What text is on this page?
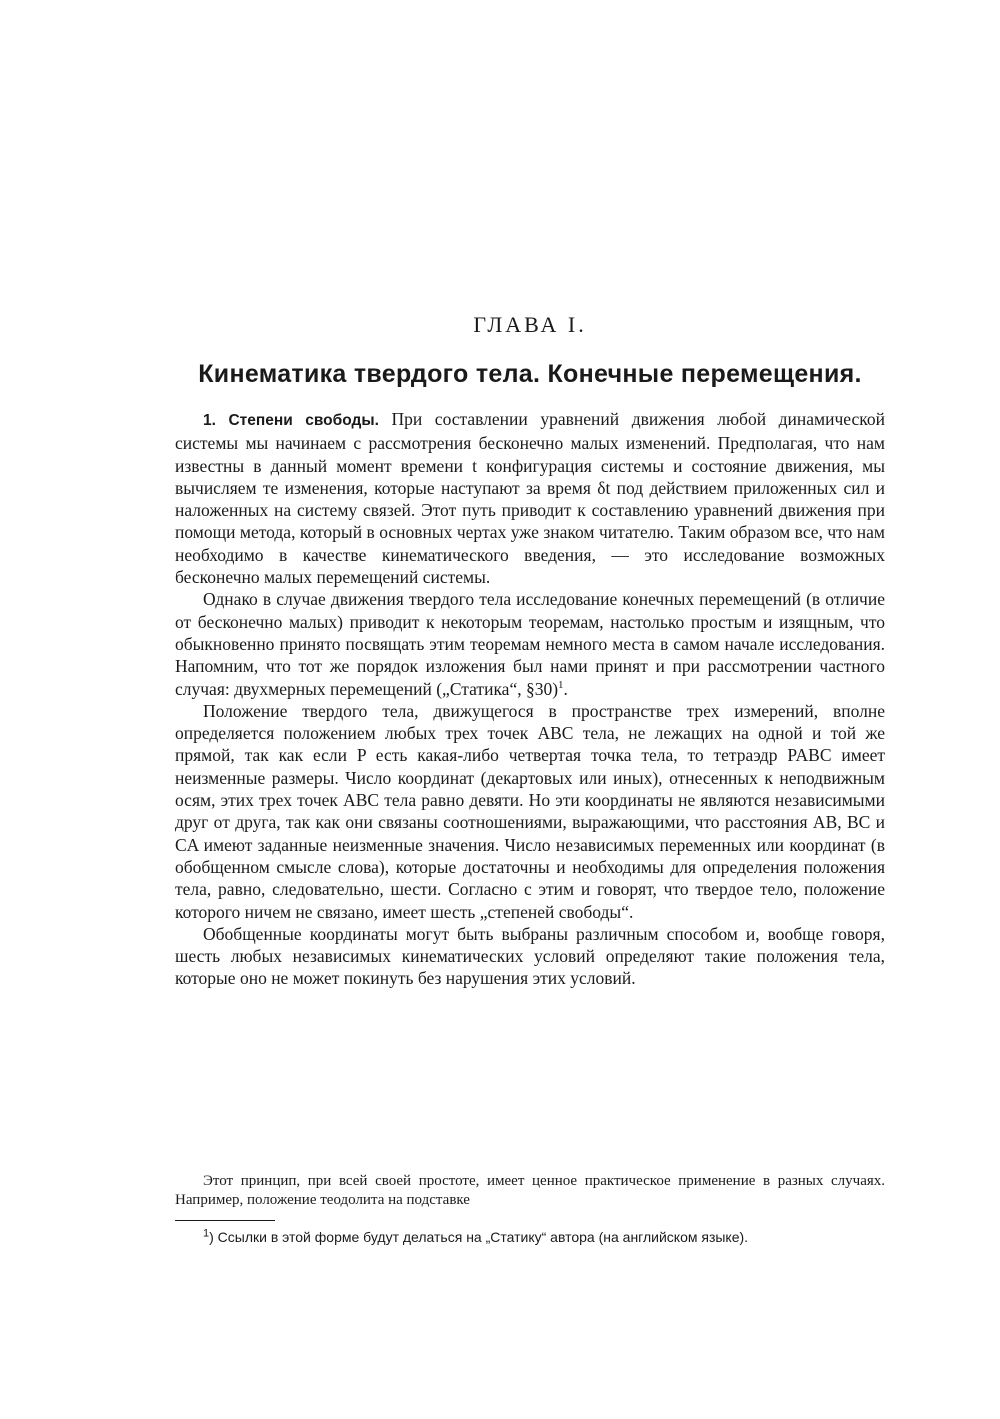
ГЛАВА I.
Кинематика твердого тела. Конечные перемещения.

1. Степени свободы. При составлении уравнений движения любой динамической системы мы начинаем с рассмотрения бесконечно малых изменений. Предполагая, что нам известны в данный момент времени t конфигурация системы и состояние движения, мы вычисляем те изменения, которые наступают за время δt под действием приложенных сил и наложенных на систему связей. Этот путь приводит к составлению уравнений движения при помощи метода, который в основных чертах уже знаком читателю. Таким образом все, что нам необходимо в качестве кинематического введения, — это исследование возможных бесконечно малых перемещений системы.

Однако в случае движения твердого тела исследование конечных перемещений (в отличие от бесконечно малых) приводит к некоторым теоремам, настолько простым и изящным, что обыкновенно принято посвящать этим теоремам немного места в самом начале исследования. Напомним, что тот же порядок изложения был нами принят и при рассмотрении частного случая: двухмерных перемещений („Статика“, §30)$^1$.

Положение твердого тела, движущегося в пространстве трех измерений, вполне определяется положением любых трех точек ABC тела, не лежащих на одной и той же прямой, так как если P есть какая-либо четвертая точка тела, то тетраэдр PABC имеет неизменные размеры. Число координат (декартовых или иных), отнесенных к неподвижным осям, этих трех точек ABC тела равно девяти. Но эти координаты не являются независимыми друг от друга, так как они связаны соотношениями, выражающими, что расстояния AB, BC и CA имеют заданные неизменные значения. Число независимых переменных или координат (в обобщенном смысле слова), которые достаточны и необходимы для определения положения тела, равно, следовательно, шести. Согласно с этим и говорят, что твердое тело, положение которого ничем не связано, имеет шесть „степеней свободы“.

Обобщенные координаты могут быть выбраны различным способом и, вообще говоря, шесть любых независимых кинематических условий определяют такие положения тела, которые оно не может покинуть без нарушения этих условий.

Этот принцип, при всей своей простоте, имеет ценное практическое применение в разных случаях. Например, положение теодолита на подставке

$^1$) Ссылки в этой форме будут делаться на „Статику“ автора (на английском языке).
